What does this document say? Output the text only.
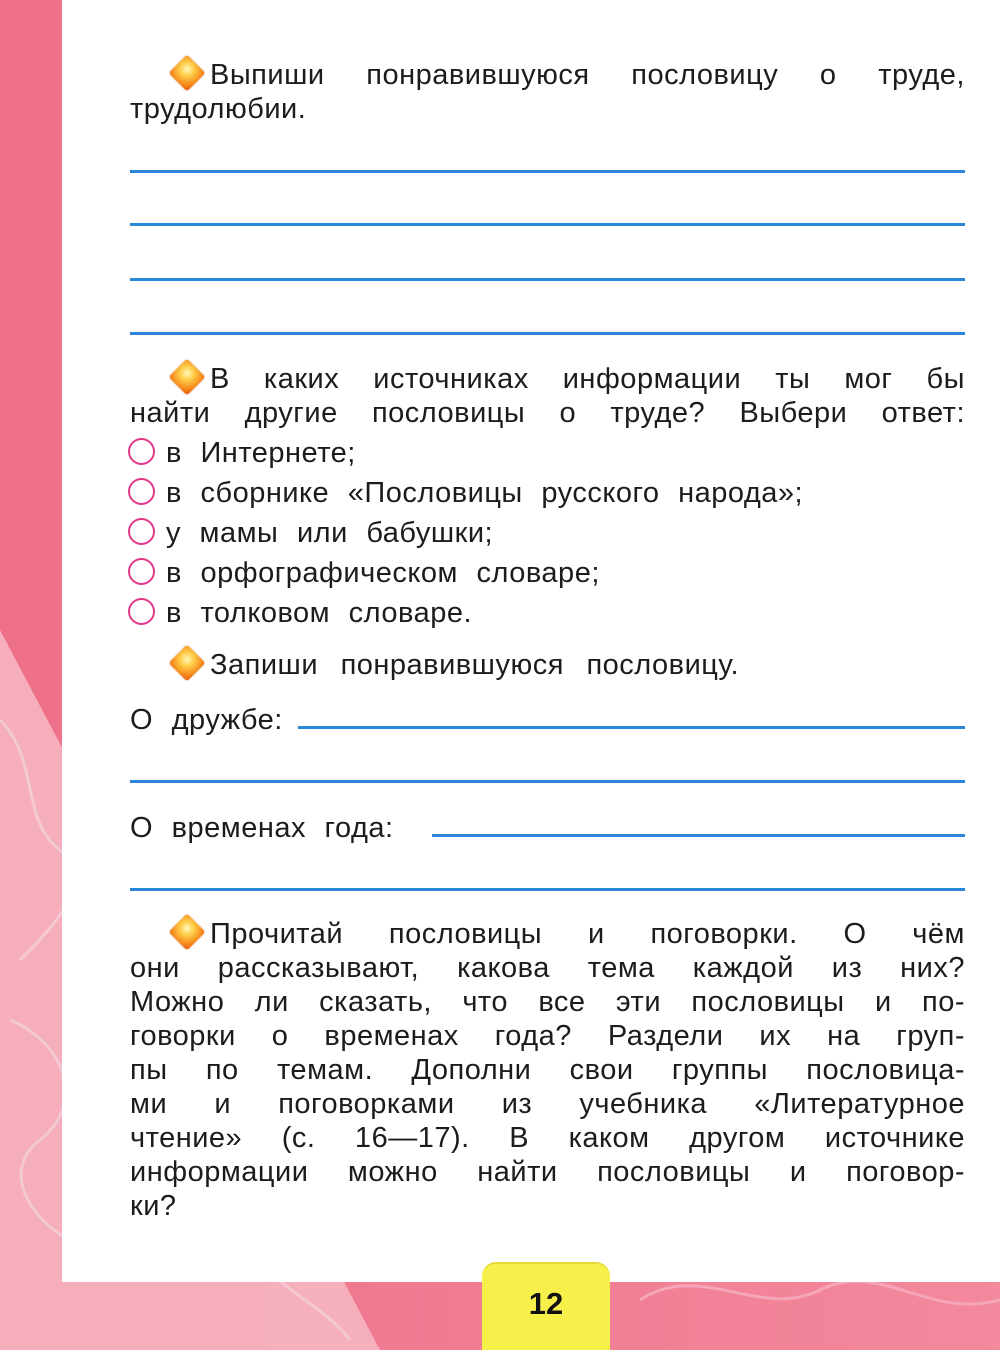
Выпиши понравившуюся пословицу о труде,
трудолюбии.
В каких источниках информации ты мог бы
найти другие пословицы о труде? Выбери ответ:
в Интернете;
в сборнике «Пословицы русского народа»;
у мамы или бабушки;
в орфографическом словаре;
в толковом словаре.
Запиши понравившуюся пословицу.
О дружбе:
О временах года:
Прочитай пословицы и поговорки. О чём
они рассказывают, какова тема каждой из них?
Можно ли сказать, что все эти пословицы и по-
говорки о временах года? Раздели их на груп-
пы по темам. Дополни свои группы пословица-
ми и поговорками из учебника «Литературное
чтение» (с. 16—17). В каком другом источнике
информации можно найти пословицы и поговор-
ки?
12
